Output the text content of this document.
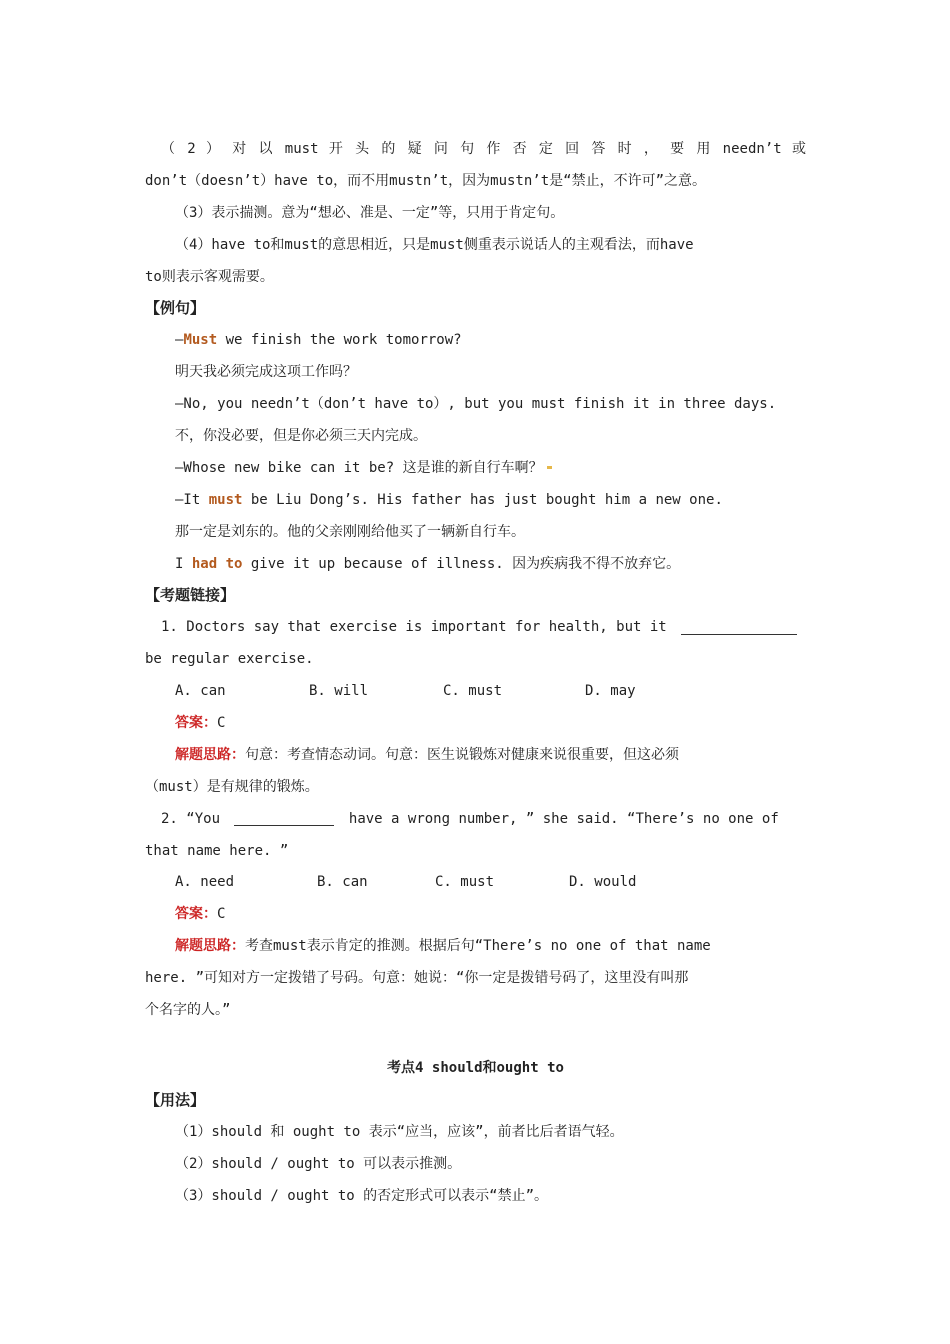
（ 2 ） 对 以 must 开 头 的 疑 问 句 作 否 定 回 答 时 ， 要 用 needn’t 或
don’t（doesn’t）have to，而不用mustn’t，因为mustn’t是“禁止，不许可”之意。
（3）表示揣测。意为“想必、准是、一定”等，只用于肯定句。
（4）have to和must的意思相近，只是must侧重表示说话人的主观看法，而have
to则表示客观需要。
【例句】
—Must we finish the work tomorrow?
明天我必须完成这项工作吗？
—No, you needn’t（don’t have to）, but you must finish it in three days.
不，你没必要，但是你必须三天内完成。
—Whose new bike can it be? 这是谁的新自行车啊？
—It must be Liu Dong’s. His father has just bought him a new one.
那一定是刘东的。他的父亲刚刚给他买了一辆新自行车。
I had to give it up because of illness. 因为疾病我不得不放弃它。
【考题链接】
1. Doctors say that exercise is important for health, but it
be regular exercise.
A. can	B. will	C. must	D. may
答案：C
解题思路：句意：考查情态动词。句意：医生说锻炼对健康来说很重要，但这必须
（must）是有规律的锻炼。
2. “You	have a wrong number, ” she said. “There’s no one of
that name here. ”
A. need	B. can	C. must	D. would
答案：C
解题思路：考查must表示肯定的推测。根据后句“There’s no one of that name
here. ”可知对方一定拨错了号码。句意：她说：“你一定是拨错号码了，这里没有叫那
个名字的人。”
考点4 should和ought to
【用法】
（1）should 和 ought to 表示“应当，应该”，前者比后者语气轻。
（2）should / ought to 可以表示推测。
（3）should / ought to 的否定形式可以表示“禁止”。
